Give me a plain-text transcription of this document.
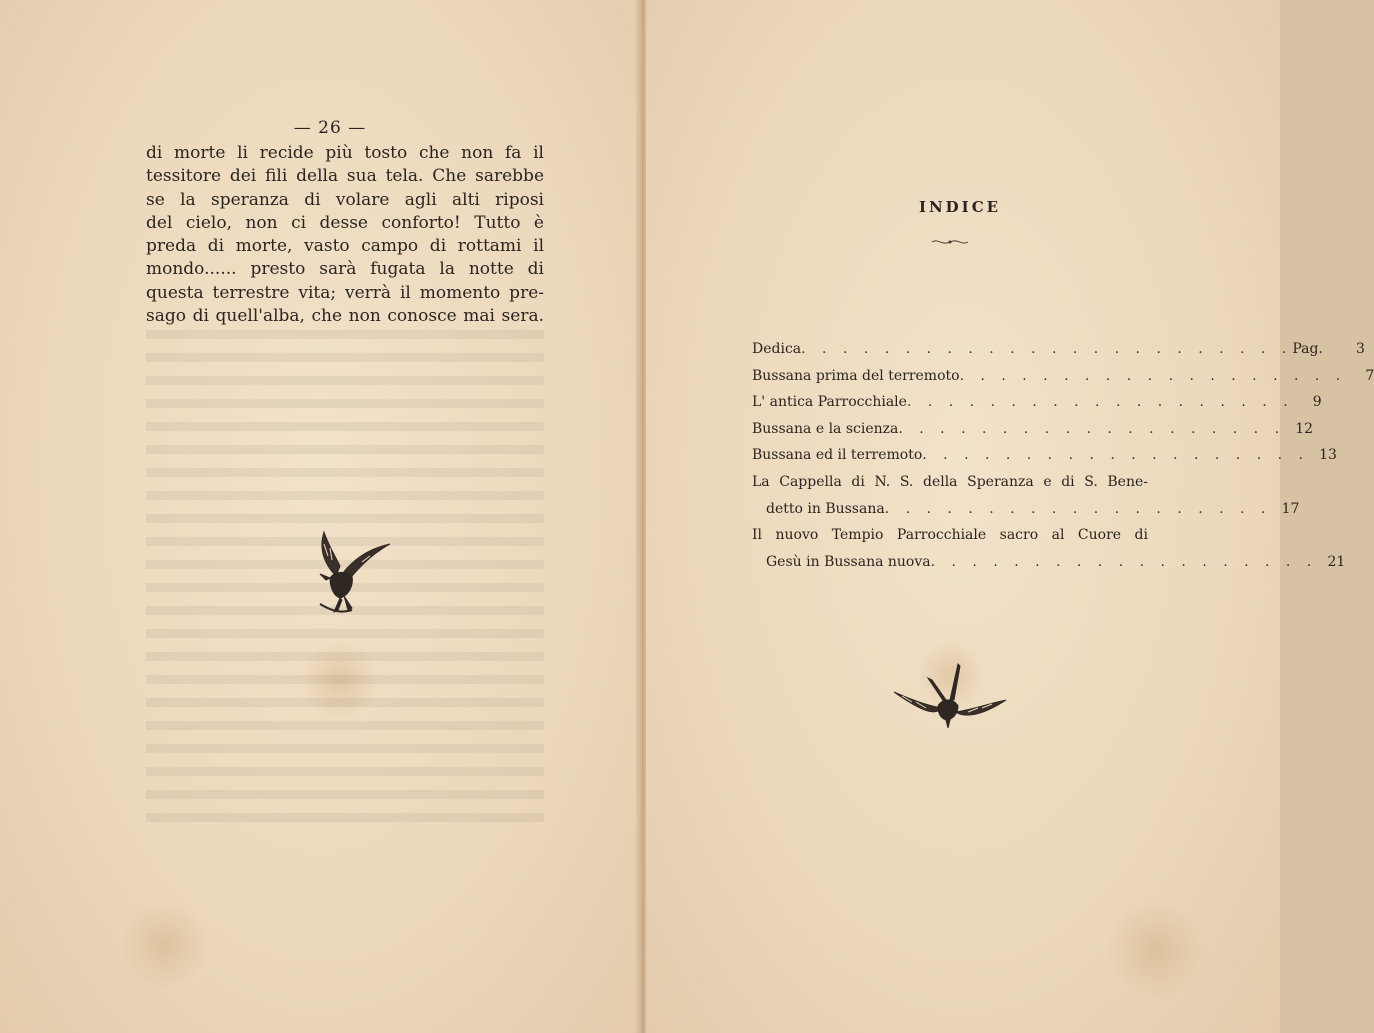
— 26 —
di morte li recide più tosto che non fa il
tessitore dei fili della sua tela. Che sarebbe
se la speranza di volare agli alti riposi
del cielo, non ci desse conforto! Tutto è
preda di morte, vasto campo di rottami il
mondo...... presto sarà fugata la notte di
questa terrestre vita; verrà il momento pre-
sago di quell'alba, che non conosce mai sera.
INDICE
Dedica . . . . . . . . . . . . . . . . . . . . . . . . Pag.	3
Bussana prima del terremoto . . . . . . . . . . . . . . . . . . .	7
L' antica Parrocchiale . . . . . . . . . . . . . . . . . . .	9
Bussana e la scienza . . . . . . . . . . . . . . . . . . . 12
Bussana ed il terremoto . . . . . . . . . . . . . . . . . . . 13
La Cappella di N. S. della Speranza e di S. Bene-
detto in Bussana . . . . . . . . . . . . . . . . . . . 17
Il nuovo Tempio Parrocchiale sacro al Cuore di
Gesù in Bussana nuova . . . . . . . . . . . . . . . . . . . 21
